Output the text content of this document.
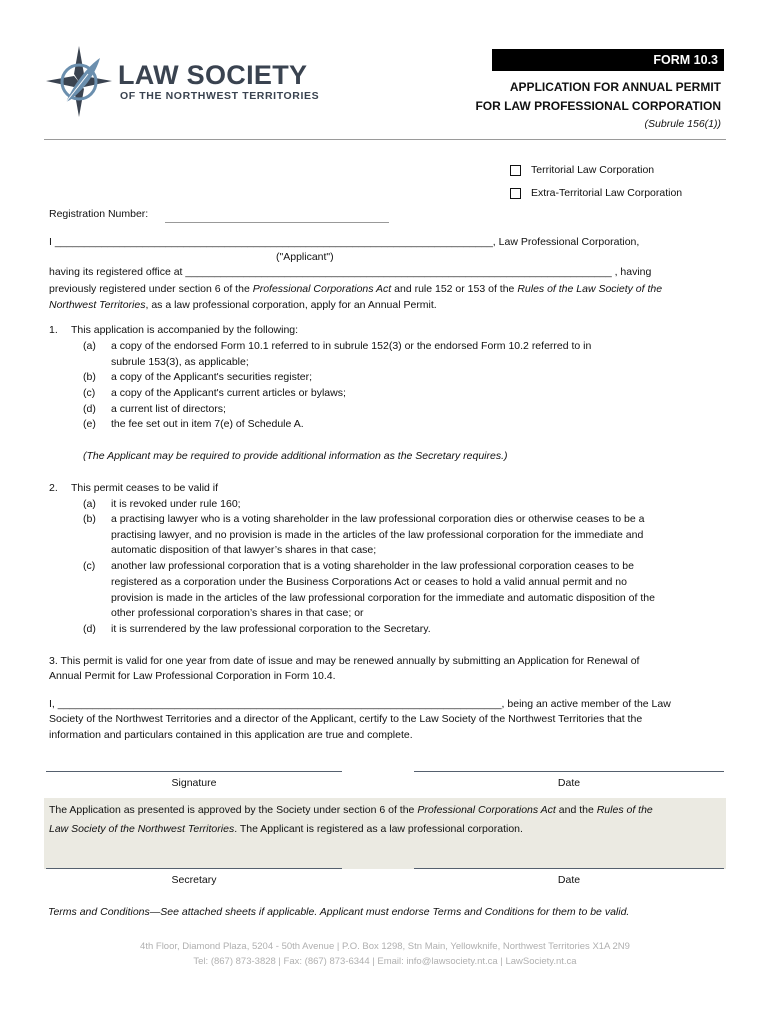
LAW SOCIETY
OF THE NORTHWEST TERRITORIES
FORM 10.3
APPLICATION FOR ANNUAL PERMIT
FOR LAW PROFESSIONAL CORPORATION
(Subrule 156(1))
Territorial Law Corporation
Extra-Territorial Law Corporation
Registration Number:
I ___________________________________________________________________________, Law Professional Corporation,
("Applicant")
having its registered office at _________________________________________________________________________ , having
previously registered under section 6 of the Professional Corporations Act and rule 152 or 153 of the Rules of the Law Society of the
Northwest Territories, as a law professional corporation, apply for an Annual Permit.
1. This application is accompanied by the following:
(a) a copy of the endorsed Form 10.1 referred to in subrule 152(3) or the endorsed Form 10.2 referred to in
subrule 153(3), as applicable;
(b) a copy of the Applicant's securities register;
(c) a copy of the Applicant's current articles or bylaws;
(d) a current list of directors;
(e) the fee set out in item 7(e) of Schedule A.
(The Applicant may be required to provide additional information as the Secretary requires.)
2. This permit ceases to be valid if
(a) it is revoked under rule 160;
(b) a practising lawyer who is a voting shareholder in the law professional corporation dies or otherwise ceases to be a
practising lawyer, and no provision is made in the articles of the law professional corporation for the immediate and
automatic disposition of that lawyer’s shares in that case;
(c) another law professional corporation that is a voting shareholder in the law professional corporation ceases to be
registered as a corporation under the Business Corporations Act or ceases to hold a valid annual permit and no
provision is made in the articles of the law professional corporation for the immediate and automatic disposition of the
other professional corporation’s shares in that case; or
(d) it is surrendered by the law professional corporation to the Secretary.
3. This permit is valid for one year from date of issue and may be renewed annually by submitting an Application for Renewal of
Annual Permit for Law Professional Corporation in Form 10.4.
I, ____________________________________________________________________________, being an active member of the Law
Society of the Northwest Territories and a director of the Applicant, certify to the Law Society of the Northwest Territories that the
information and particulars contained in this application are true and complete.
Signature	Date
The Application as presented is approved by the Society under section 6 of the Professional Corporations Act and the Rules of the
Law Society of the Northwest Territories. The Applicant is registered as a law professional corporation.
Secretary	Date
Terms and Conditions—See attached sheets if applicable. Applicant must endorse Terms and Conditions for them to be valid.
4th Floor, Diamond Plaza, 5204 - 50th Avenue | P.O. Box 1298, Stn Main, Yellowknife, Northwest Territories X1A 2N9
Tel: (867) 873-3828 | Fax: (867) 873-6344 | Email: info@lawsociety.nt.ca | LawSociety.nt.ca
